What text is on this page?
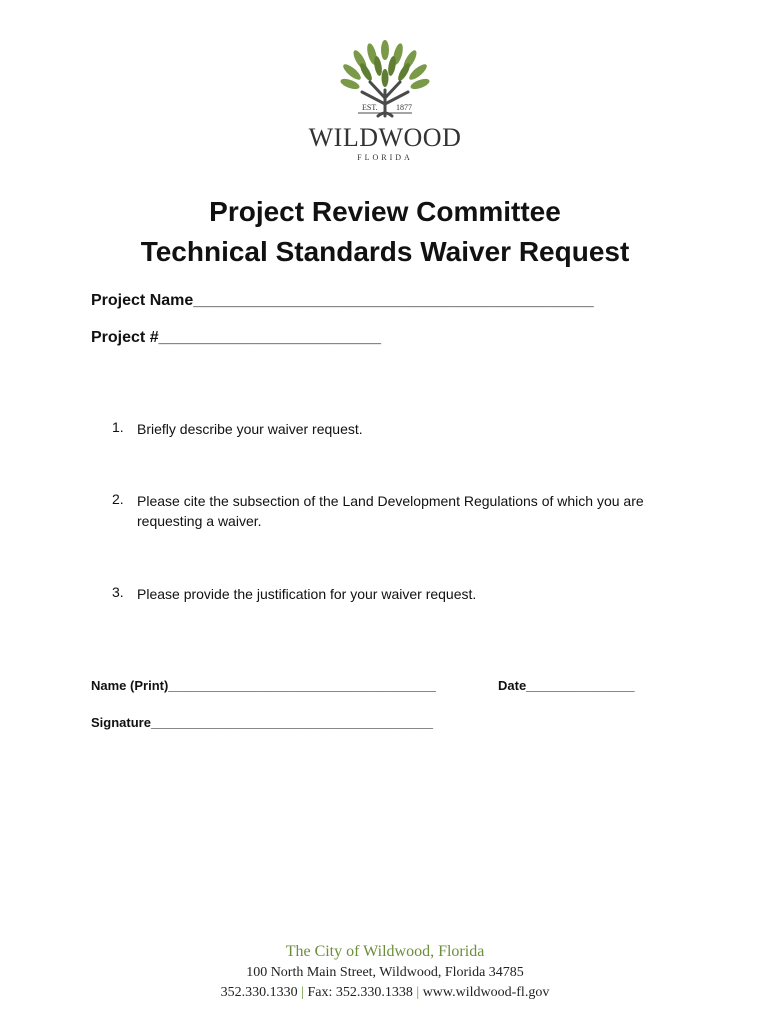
EST. 1877
WILDWOOD
FLORIDA
Project Review Committee
Technical Standards Waiver Request
Project Name_____________________________________________
Project #_________________________
1. Briefly describe your waiver request.
2. Please cite the subsection of the Land Development Regulations of which you are requesting a waiver.
3. Please provide the justification for your waiver request.
Name (Print)_____________________________________	Date_______________
Signature_______________________________________
The City of Wildwood, Florida
100 North Main Street, Wildwood, Florida 34785
352.330.1330 | Fax: 352.330.1338 | www.wildwood-fl.gov
